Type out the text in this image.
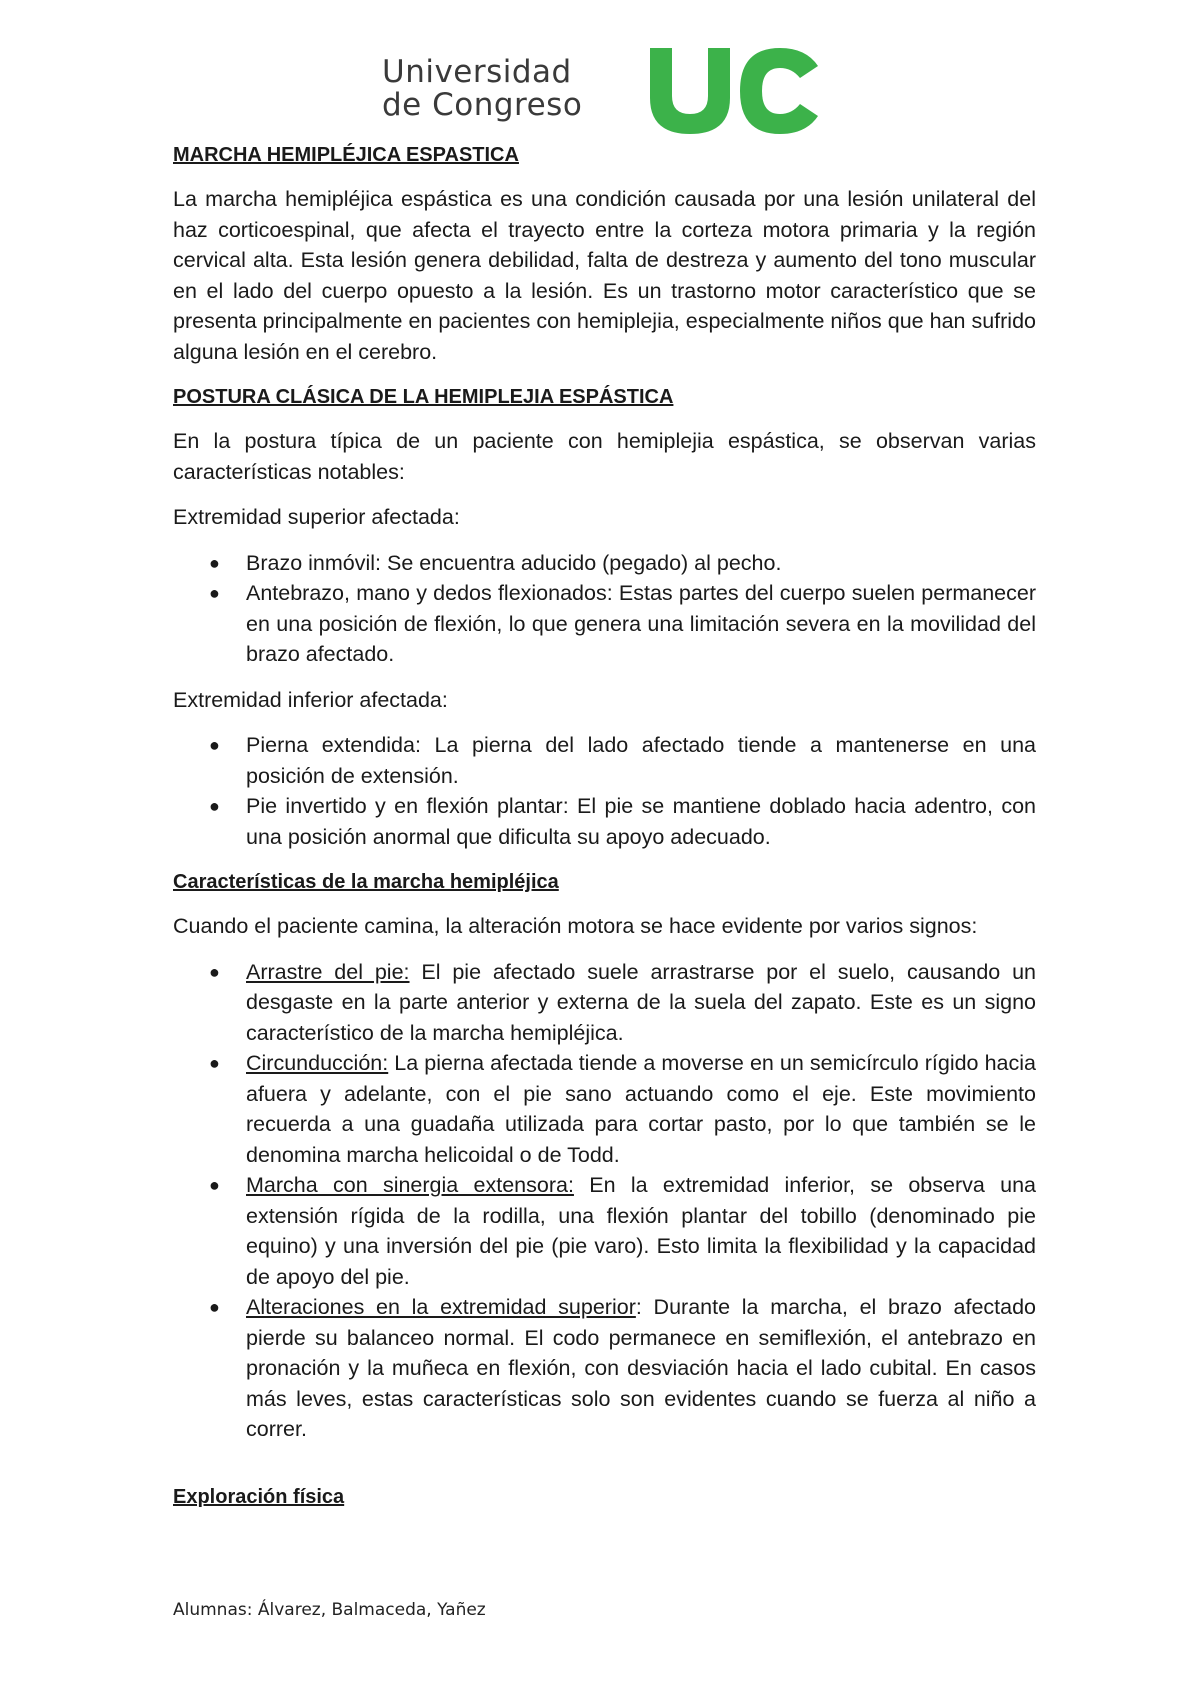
Universidad
de Congreso
MARCHA HEMIPLÉJICA ESPASTICA

La marcha hemipléjica espástica es una condición causada por una lesión unilateral del haz corticoespinal, que afecta el trayecto entre la corteza motora primaria y la región cervical alta. Esta lesión genera debilidad, falta de destreza y aumento del tono muscular en el lado del cuerpo opuesto a la lesión. Es un trastorno motor característico que se presenta principalmente en pacientes con hemiplejia, especialmente niños que han sufrido alguna lesión en el cerebro.

POSTURA CLÁSICA DE LA HEMIPLEJIA ESPÁSTICA

En la postura típica de un paciente con hemiplejia espástica, se observan varias características notables:

Extremidad superior afectada:

● Brazo inmóvil: Se encuentra aducido (pegado) al pecho.
● Antebrazo, mano y dedos flexionados: Estas partes del cuerpo suelen permanecer en una posición de flexión, lo que genera una limitación severa en la movilidad del brazo afectado.

Extremidad inferior afectada:

● Pierna extendida: La pierna del lado afectado tiende a mantenerse en una posición de extensión.
● Pie invertido y en flexión plantar: El pie se mantiene doblado hacia adentro, con una posición anormal que dificulta su apoyo adecuado.
Características de la marcha hemipléjica

Cuando el paciente camina, la alteración motora se hace evidente por varios signos:

● Arrastre del pie: El pie afectado suele arrastrarse por el suelo, causando un desgaste en la parte anterior y externa de la suela del zapato. Este es un signo característico de la marcha hemipléjica.
● Circunducción: La pierna afectada tiende a moverse en un semicírculo rígido hacia afuera y adelante, con el pie sano actuando como el eje. Este movimiento recuerda a una guadaña utilizada para cortar pasto, por lo que también se le denomina marcha helicoidal o de Todd.
● Marcha con sinergia extensora: En la extremidad inferior, se observa una extensión rígida de la rodilla, una flexión plantar del tobillo (denominado pie equino) y una inversión del pie (pie varo). Esto limita la flexibilidad y la capacidad de apoyo del pie.
● Alteraciones en la extremidad superior: Durante la marcha, el brazo afectado pierde su balanceo normal. El codo permanece en semiflexión, el antebrazo en pronación y la muñeca en flexión, con desviación hacia el lado cubital. En casos más leves, estas características solo son evidentes cuando se fuerza al niño a correr.
Exploración física
Alumnas: Álvarez, Balmaceda, Yañez
